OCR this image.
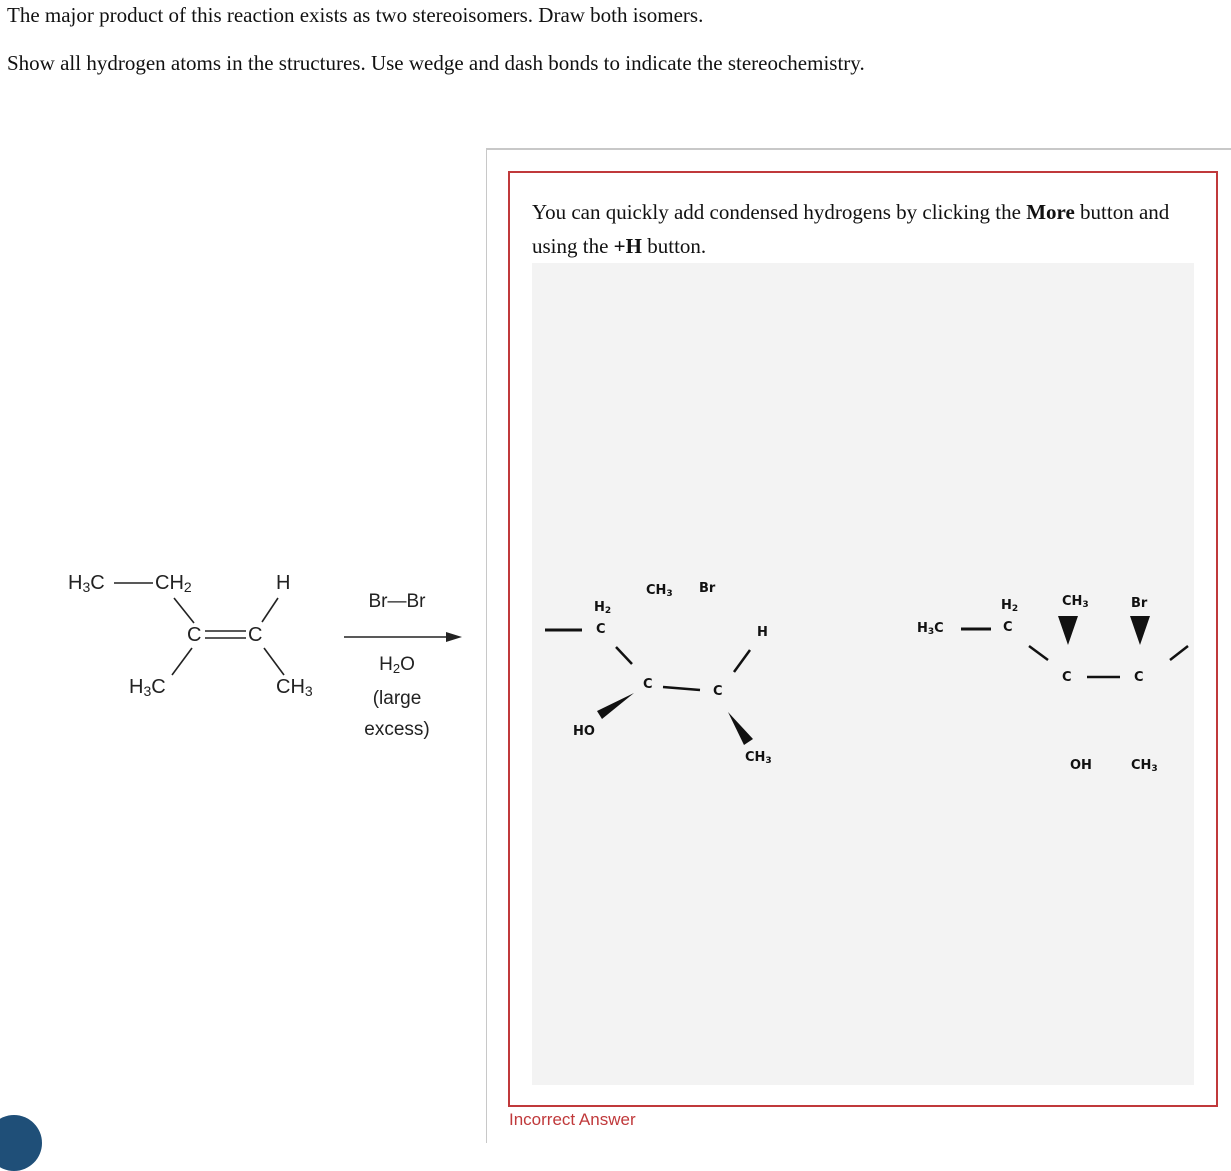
The major product of this reaction exists as two stereoisomers. Draw both isomers.

Show all hydrogen atoms in the structures. Use wedge and dash bonds to indicate the stereochemistry.

$H_3C$	$CH_2$	H
C C
$H_3C$	$CH_3$
Br—Br
$H_2O$
(large
excess)
You can quickly add condensed hydrogens by clicking the More button and using the +H button.
$H_2$
C
$CH_3$ Br
C	C
H
HO
$CH_3$
$H_3C$
$H_2$
C
$CH_3$	Br
C	C
OH	$CH_3$
Incorrect Answer
